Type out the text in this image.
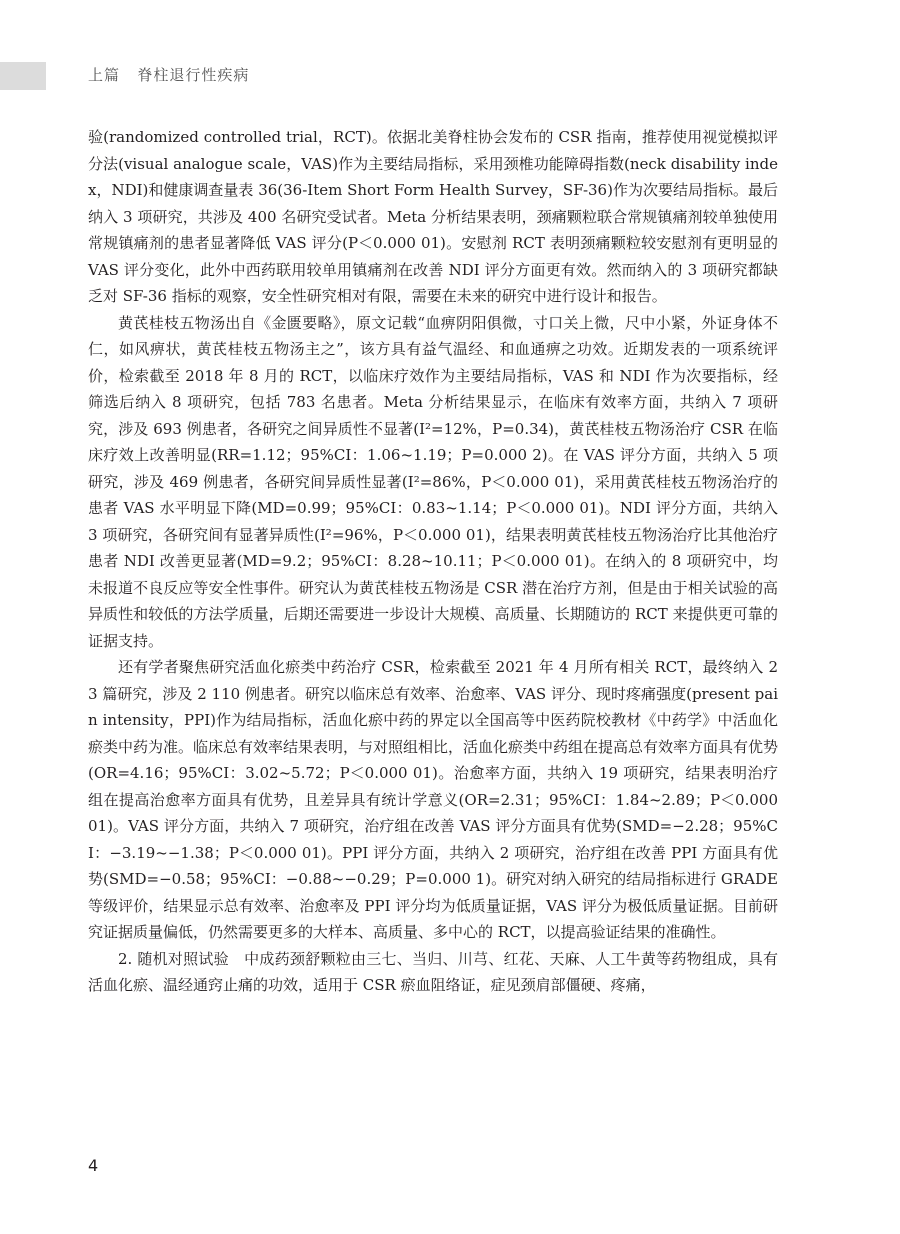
上篇 脊柱退行性疾病

验(randomized controlled trial，RCT)。依据北美脊柱协会发布的 CSR 指南，推荐使用视觉模拟评分法(visual analogue scale，VAS)作为主要结局指标，采用颈椎功能障碍指数(neck disability index，NDI)和健康调查量表 36(36-Item Short Form Health Survey，SF-36)作为次要结局指标。最后纳入 3 项研究，共涉及 400 名研究受试者。Meta 分析结果表明，颈痛颗粒联合常规镇痛剂较单独使用常规镇痛剂的患者显著降低 VAS 评分(P＜0.000 01)。安慰剂 RCT 表明颈痛颗粒较安慰剂有更明显的 VAS 评分变化，此外中西药联用较单用镇痛剂在改善 NDI 评分方面更有效。然而纳入的 3 项研究都缺乏对 SF-36 指标的观察，安全性研究相对有限，需要在未来的研究中进行设计和报告。

黄芪桂枝五物汤出自《金匮要略》，原文记载“血痹阴阳俱微，寸口关上微，尺中小紧，外证身体不仁，如风痹状，黄芪桂枝五物汤主之”，该方具有益气温经、和血通痹之功效。近期发表的一项系统评价，检索截至 2018 年 8 月的 RCT，以临床疗效作为主要结局指标，VAS 和 NDI 作为次要指标，经筛选后纳入 8 项研究，包括 783 名患者。Meta 分析结果显示，在临床有效率方面，共纳入 7 项研究，涉及 693 例患者，各研究之间异质性不显著(I²=12%，P=0.34)，黄芪桂枝五物汤治疗 CSR 在临床疗效上改善明显(RR=1.12；95%CI：1.06~1.19；P=0.000 2)。在 VAS 评分方面，共纳入 5 项研究，涉及 469 例患者，各研究间异质性显著(I²=86%，P＜0.000 01)，采用黄芪桂枝五物汤治疗的患者 VAS 水平明显下降(MD=0.99；95%CI：0.83~1.14；P＜0.000 01)。NDI 评分方面，共纳入 3 项研究，各研究间有显著异质性(I²=96%，P＜0.000 01)，结果表明黄芪桂枝五物汤治疗比其他治疗患者 NDI 改善更显著(MD=9.2；95%CI：8.28~10.11；P＜0.000 01)。在纳入的 8 项研究中，均未报道不良反应等安全性事件。研究认为黄芪桂枝五物汤是 CSR 潜在治疗方剂，但是由于相关试验的高异质性和较低的方法学质量，后期还需要进一步设计大规模、高质量、长期随访的 RCT 来提供更可靠的证据支持。

还有学者聚焦研究活血化瘀类中药治疗 CSR，检索截至 2021 年 4 月所有相关 RCT，最终纳入 23 篇研究，涉及 2 110 例患者。研究以临床总有效率、治愈率、VAS 评分、现时疼痛强度(present pain intensity，PPI)作为结局指标，活血化瘀中药的界定以全国高等中医药院校教材《中药学》中活血化瘀类中药为准。临床总有效率结果表明，与对照组相比，活血化瘀类中药组在提高总有效率方面具有优势(OR=4.16；95%CI：3.02~5.72；P＜0.000 01)。治愈率方面，共纳入 19 项研究，结果表明治疗组在提高治愈率方面具有优势，且差异具有统计学意义(OR=2.31；95%CI：1.84~2.89；P＜0.000 01)。VAS 评分方面，共纳入 7 项研究，治疗组在改善 VAS 评分方面具有优势(SMD=−2.28；95%CI：−3.19~−1.38；P＜0.000 01)。PPI 评分方面，共纳入 2 项研究，治疗组在改善 PPI 方面具有优势(SMD=−0.58；95%CI：−0.88~−0.29；P=0.000 1)。研究对纳入研究的结局指标进行 GRADE 等级评价，结果显示总有效率、治愈率及 PPI 评分均为低质量证据，VAS 评分为极低质量证据。目前研究证据质量偏低，仍然需要更多的大样本、高质量、多中心的 RCT，以提高验证结果的准确性。

2. 随机对照试验　中成药颈舒颗粒由三七、当归、川芎、红花、天麻、人工牛黄等药物组成，具有活血化瘀、温经通窍止痛的功效，适用于 CSR 瘀血阻络证，症见颈肩部僵硬、疼痛，

4
